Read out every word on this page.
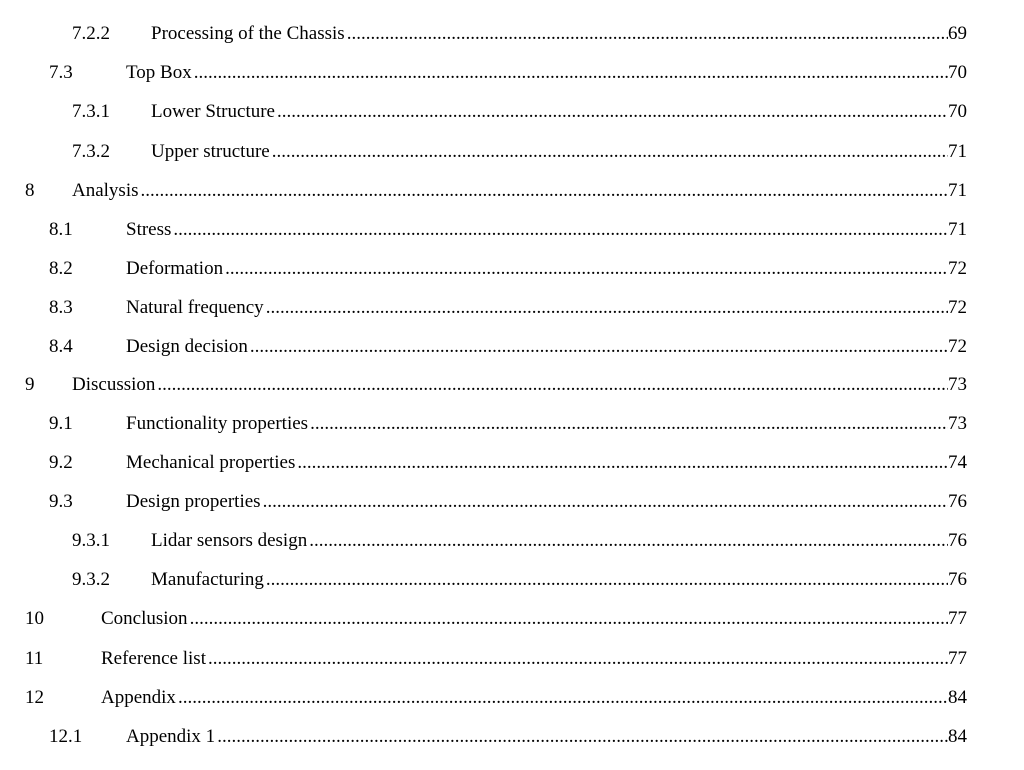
7.2.2 Processing of the Chassis .....	69
7.3	Top Box .....	70
7.3.1 Lower Structure .....	70
7.3.2 Upper structure .....	71
8 Analysis .....	71
8.1	Stress .....	71
8.2	Deformation .....	72
8.3	Natural frequency .....	72
8.4	Design decision .....	72
9 Discussion .....	73
9.1	Functionality properties .....	73
9.2	Mechanical properties .....	74
9.3	Design properties .....	76
9.3.1 Lidar sensors design .....	76
9.3.2 Manufacturing .....	76
10	Conclusion .....	77
11	Reference list .....	77
12	Appendix .....	84
12.1 Appendix 1 .....	84
